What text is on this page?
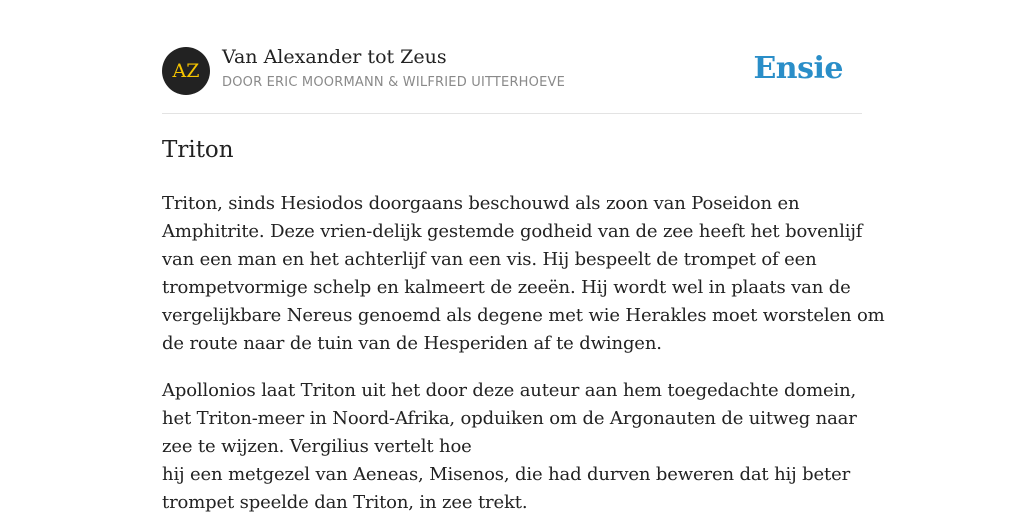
AZ
Van Alexander tot Zeus
DOOR ERIC MOORMANN & WILFRIED UITTERHOEVE	Ensie
Triton

Triton, sinds Hesiodos doorgaans beschouwd als zoon van Poseidon en
Amphitrite. Deze vrien-delijk gestemde godheid van de zee heeft het bovenlijf
van een man en het achterlijf van een vis. Hij bespeelt de trompet of een
trompetvormige schelp en kalmeert de zeeën. Hij wordt wel in plaats van de
vergelijkbare Nereus genoemd als degene met wie Herakles moet worstelen om
de route naar de tuin van de Hesperiden af te dwingen.

Apollonios laat Triton uit het door deze auteur aan hem toegedachte domein,
het Triton-meer in Noord-Afrika, opduiken om de Argonauten de uitweg naar
zee te wijzen. Vergilius vertelt hoe
hij een metgezel van Aeneas, Misenos, die had durven beweren dat hij beter
trompet speelde dan Triton, in zee trekt.
